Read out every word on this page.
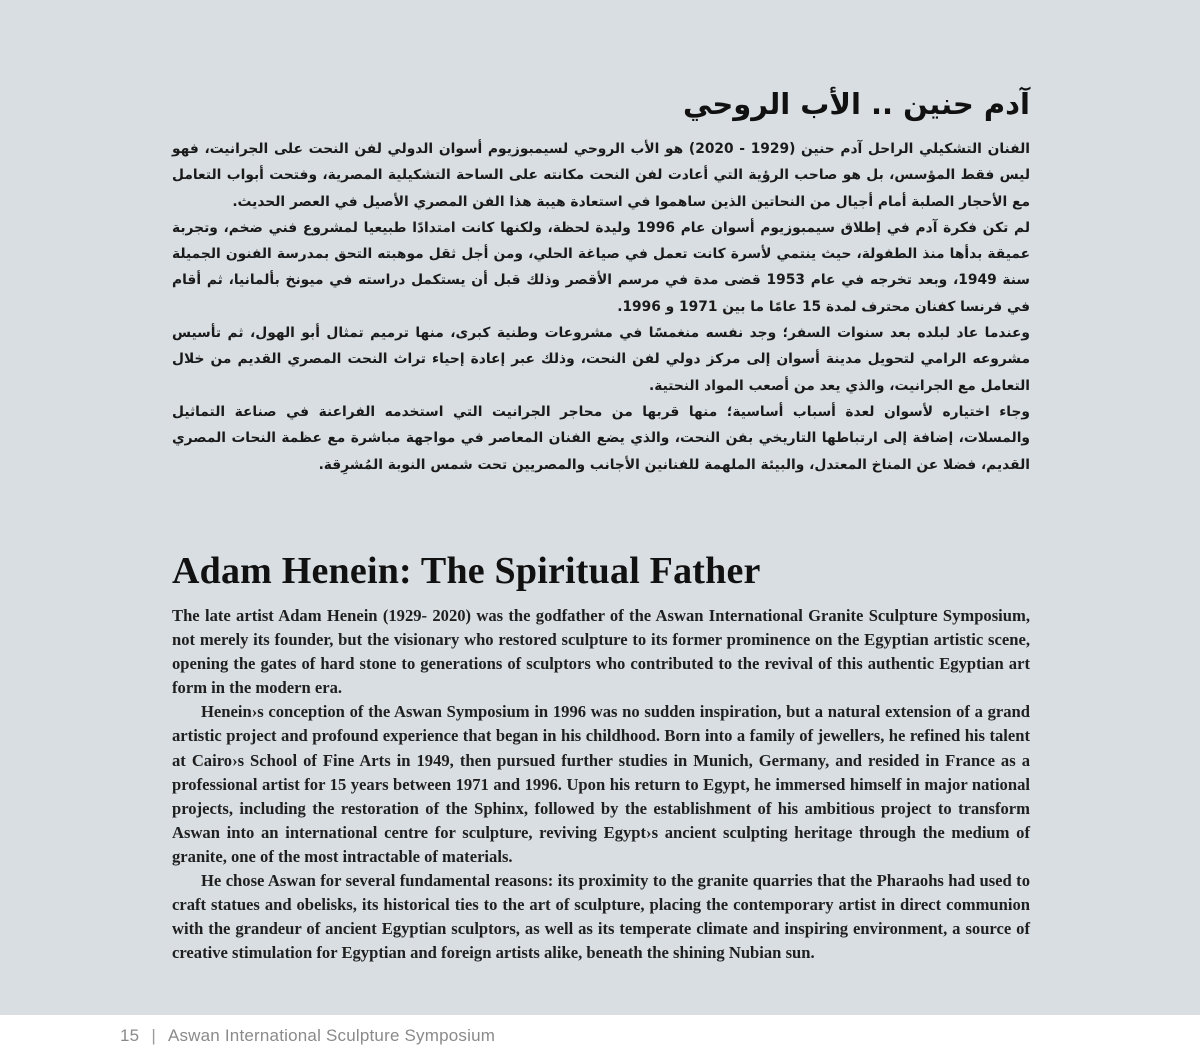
آدم حنين .. الأب الروحي

الفنان التشكيلي الراحل آدم حنين (1929 - 2020) هو الأب الروحي لسيمبوزيوم أسوان الدولي لفن النحت على الجرانيت، فهو ليس فقط المؤسس، بل هو صاحب الرؤية التي أعادت لفن النحت مكانته على الساحة التشكيلية المصرية، وفتحت أبواب التعامل مع الأحجار الصلبة أمام أجيال من النحاتين الذين ساهموا في استعادة هيبة هذا الفن المصري الأصيل في العصر الحديث.

لم تكن فكرة آدم في إطلاق سيمبوزيوم أسوان عام 1996 وليدة لحظة، ولكنها كانت امتدادًا طبيعيا لمشروع فني ضخم، وتجربة عميقة بدأها منذ الطفولة، حيث ينتمي لأسرة كانت تعمل في صياغة الحلي، ومن أجل ثقل موهبته التحق بمدرسة الفنون الجميلة سنة 1949، وبعد تخرجه في عام 1953 قضى مدة في مرسم الأقصر وذلك قبل أن يستكمل دراسته في ميونخ بألمانيا، ثم أقام في فرنسا كفنان محترف لمدة 15 عامًا ما بين 1971 و 1996.

وعندما عاد لبلده بعد سنوات السفر؛ وجد نفسه منغمسًا في مشروعات وطنية كبرى، منها ترميم تمثال أبو الهول، ثم تأسيس مشروعه الرامي لتحويل مدينة أسوان إلى مركز دولي لفن النحت، وذلك عبر إعادة إحياء تراث النحت المصري القديم من خلال التعامل مع الجرانيت، والذي يعد من أصعب المواد النحتية.

وجاء اختياره لأسوان لعدة أسباب أساسية؛ منها قربها من محاجر الجرانيت التي استخدمه الفراعنة في صناعة التماثيل والمسلات، إضافة إلى ارتباطها التاريخي بفن النحت، والذي يضع الفنان المعاصر في مواجهة مباشرة مع عظمة النحات المصري القديم، فضلا عن المناخ المعتدل، والبيئة الملهمة للفنانين الأجانب والمصريين تحت شمس النوبة المُشرِقة.

Adam Henein: The Spiritual Father

The late artist Adam Henein (1929- 2020) was the godfather of the Aswan International Granite Sculpture Symposium, not merely its founder, but the visionary who restored sculpture to its former prominence on the Egyptian artistic scene, opening the gates of hard stone to generations of sculptors who contributed to the revival of this authentic Egyptian art form in the modern era.

Henein›s conception of the Aswan Symposium in 1996 was no sudden inspiration, but a natural extension of a grand artistic project and profound experience that began in his childhood. Born into a family of jewellers, he refined his talent at Cairo›s School of Fine Arts in 1949, then pursued further studies in Munich, Germany, and resided in France as a professional artist for 15 years between 1971 and 1996. Upon his return to Egypt, he immersed himself in major national projects, including the restoration of the Sphinx, followed by the establishment of his ambitious project to transform Aswan into an international centre for sculpture, reviving Egypt›s ancient sculpting heritage through the medium of granite, one of the most intractable of materials.

He chose Aswan for several fundamental reasons: its proximity to the granite quarries that the Pharaohs had used to craft statues and obelisks, its historical ties to the art of sculpture, placing the contemporary artist in direct communion with the grandeur of ancient Egyptian sculptors, as well as its temperate climate and inspiring environment, a source of creative stimulation for Egyptian and foreign artists alike, beneath the shining Nubian sun.

15 | Aswan International Sculpture Symposium
